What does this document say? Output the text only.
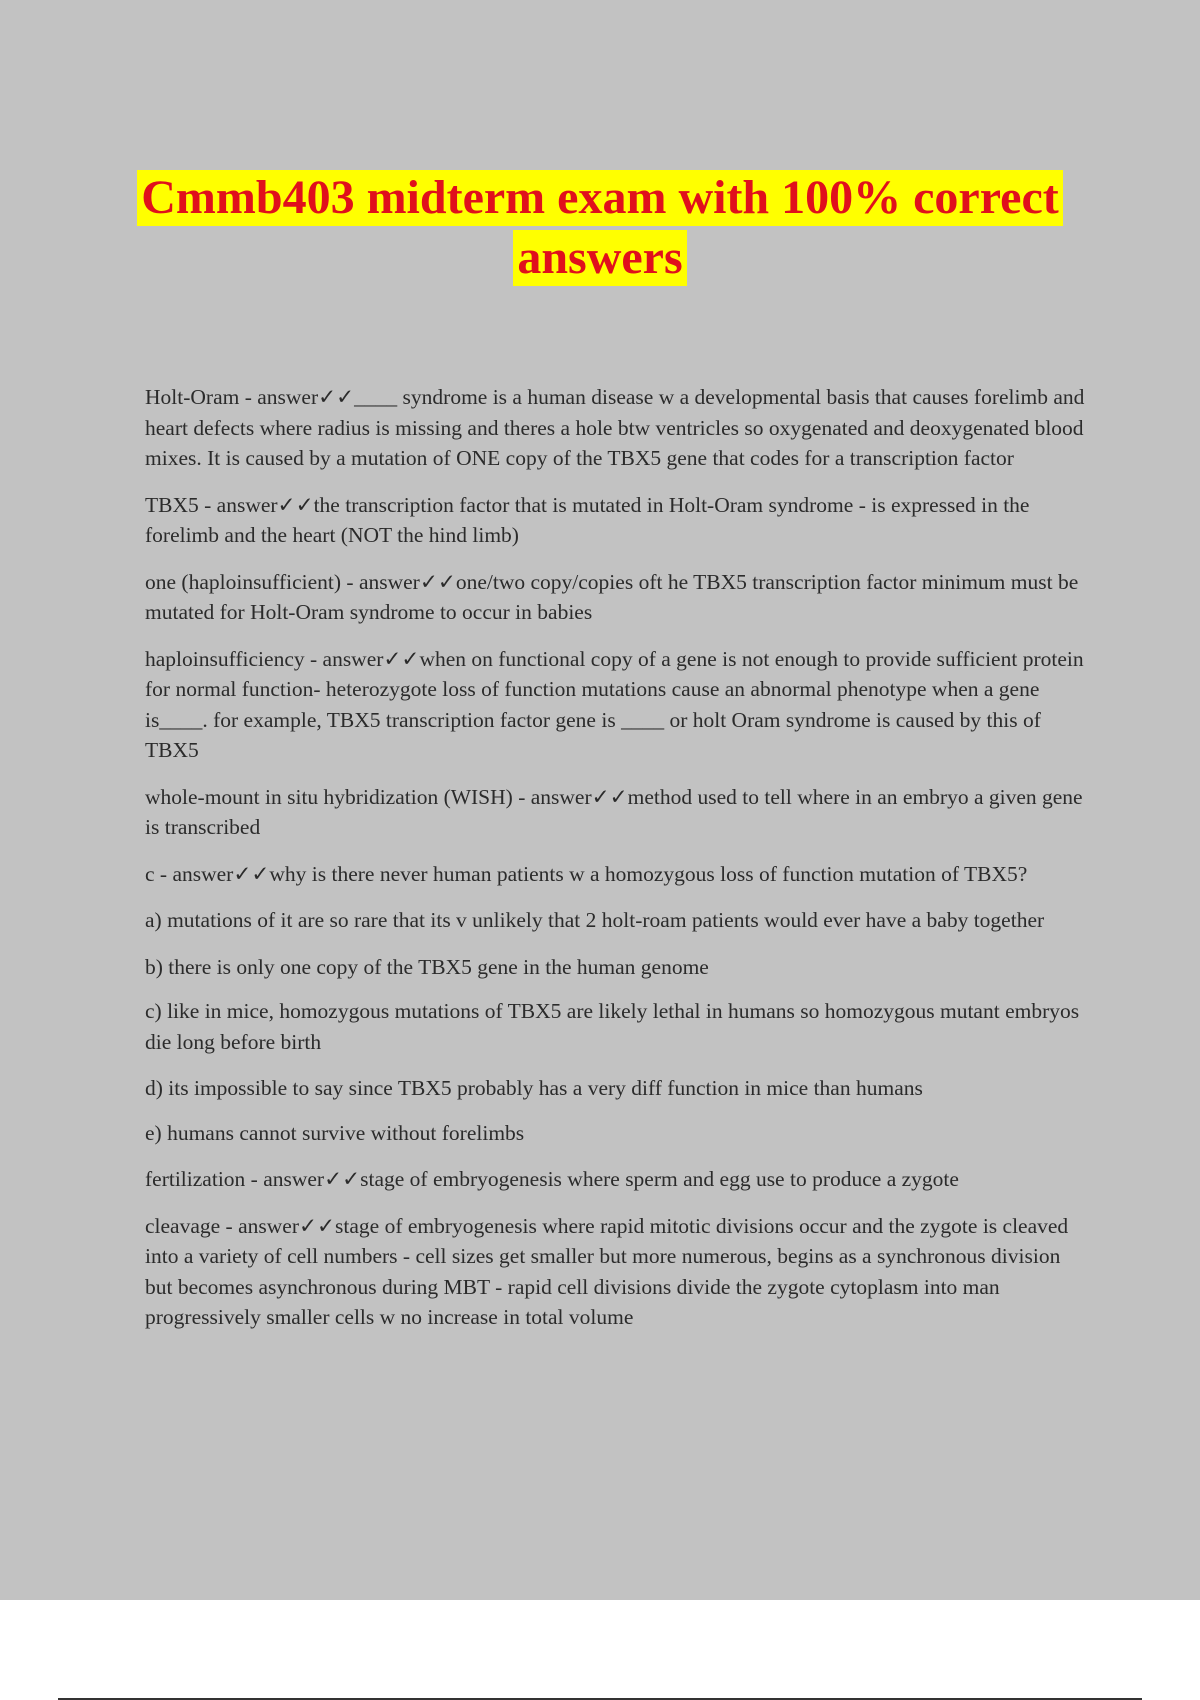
Cmmb403 midterm exam with 100% correct
answers

Holt-Oram - answer✓✓____ syndrome is a human disease w a developmental basis that causes forelimb and heart defects where radius is missing and theres a hole btw ventricles so oxygenated and deoxygenated blood mixes. It is caused by a mutation of ONE copy of the TBX5 gene that codes for a transcription factor

TBX5 - answer✓✓the transcription factor that is mutated in Holt-Oram syndrome - is expressed in the forelimb and the heart (NOT the hind limb)

one (haploinsufficient) - answer✓✓one/two copy/copies oft he TBX5 transcription factor minimum must be mutated for Holt-Oram syndrome to occur in babies

haploinsufficiency - answer✓✓when on functional copy of a gene is not enough to provide sufficient protein for normal function- heterozygote loss of function mutations cause an abnormal phenotype when a gene is____. for example, TBX5 transcription factor gene is ____ or holt Oram syndrome is caused by this of TBX5

whole-mount in situ hybridization (WISH) - answer✓✓method used to tell where in an embryo a given gene is transcribed

c - answer✓✓why is there never human patients w a homozygous loss of function mutation of TBX5?

a) mutations of it are so rare that its v unlikely that 2 holt-roam patients would ever have a baby together

b) there is only one copy of the TBX5 gene in the human genome

c) like in mice, homozygous mutations of TBX5 are likely lethal in humans so homozygous mutant embryos die long before birth

d) its impossible to say since TBX5 probably has a very diff function in mice than humans

e) humans cannot survive without forelimbs

fertilization - answer✓✓stage of embryogenesis where sperm and egg use to produce a zygote

cleavage - answer✓✓stage of embryogenesis where rapid mitotic divisions occur and the zygote is cleaved into a variety of cell numbers - cell sizes get smaller but more numerous, begins as a synchronous division but becomes asynchronous during MBT - rapid cell divisions divide the zygote cytoplasm into man progressively smaller cells w no increase in total volume
